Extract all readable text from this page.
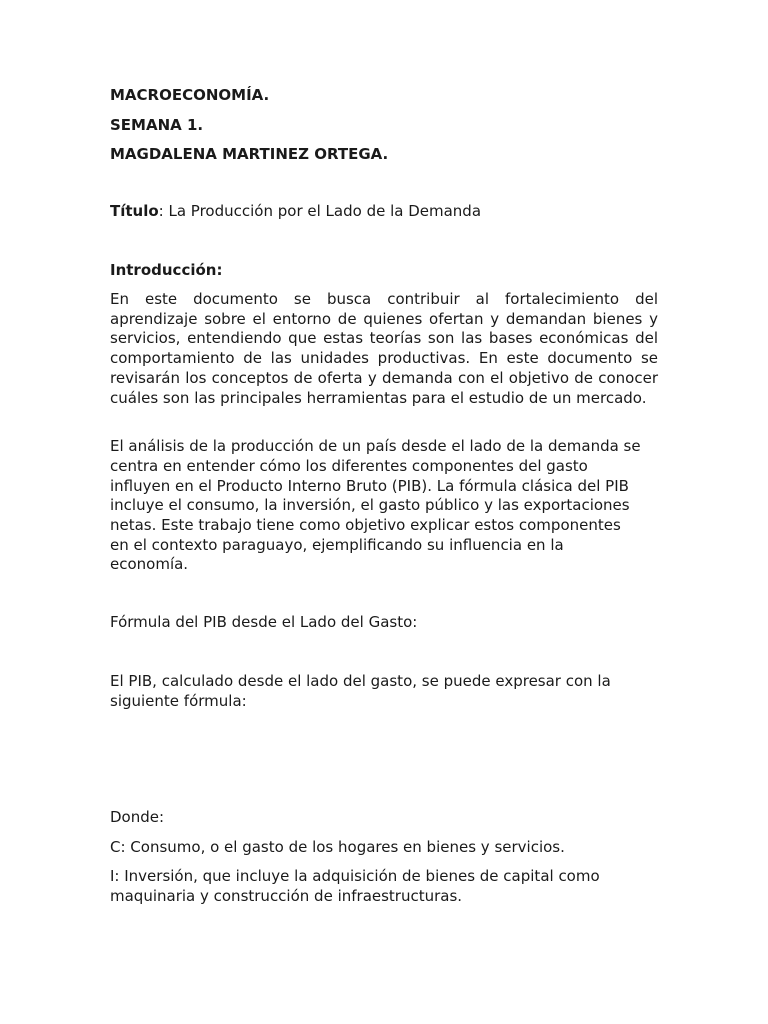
MACROECONOMÍA.
SEMANA 1.
MAGDALENA MARTINEZ ORTEGA.
Título: La Producción por el Lado de la Demanda
Introducción:
En este documento se busca contribuir al fortalecimiento del aprendizaje sobre el entorno de quienes ofertan y demandan bienes y servicios, entendiendo que estas teorías son las bases económicas del comportamiento de las unidades productivas. En este documento se revisarán los conceptos de oferta y demanda con el objetivo de conocer cuáles son las principales herramientas para el estudio de un mercado.
El análisis de la producción de un país desde el lado de la demanda se
centra en entender cómo los diferentes componentes del gasto
influyen en el Producto Interno Bruto (PIB). La fórmula clásica del PIB
incluye el consumo, la inversión, el gasto público y las exportaciones
netas. Este trabajo tiene como objetivo explicar estos componentes
en el contexto paraguayo, ejemplificando su influencia en la
economía.
Fórmula del PIB desde el Lado del Gasto:
El PIB, calculado desde el lado del gasto, se puede expresar con la
siguiente fórmula:
Donde:
C: Consumo, o el gasto de los hogares en bienes y servicios.
I: Inversión, que incluye la adquisición de bienes de capital como
maquinaria y construcción de infraestructuras.
